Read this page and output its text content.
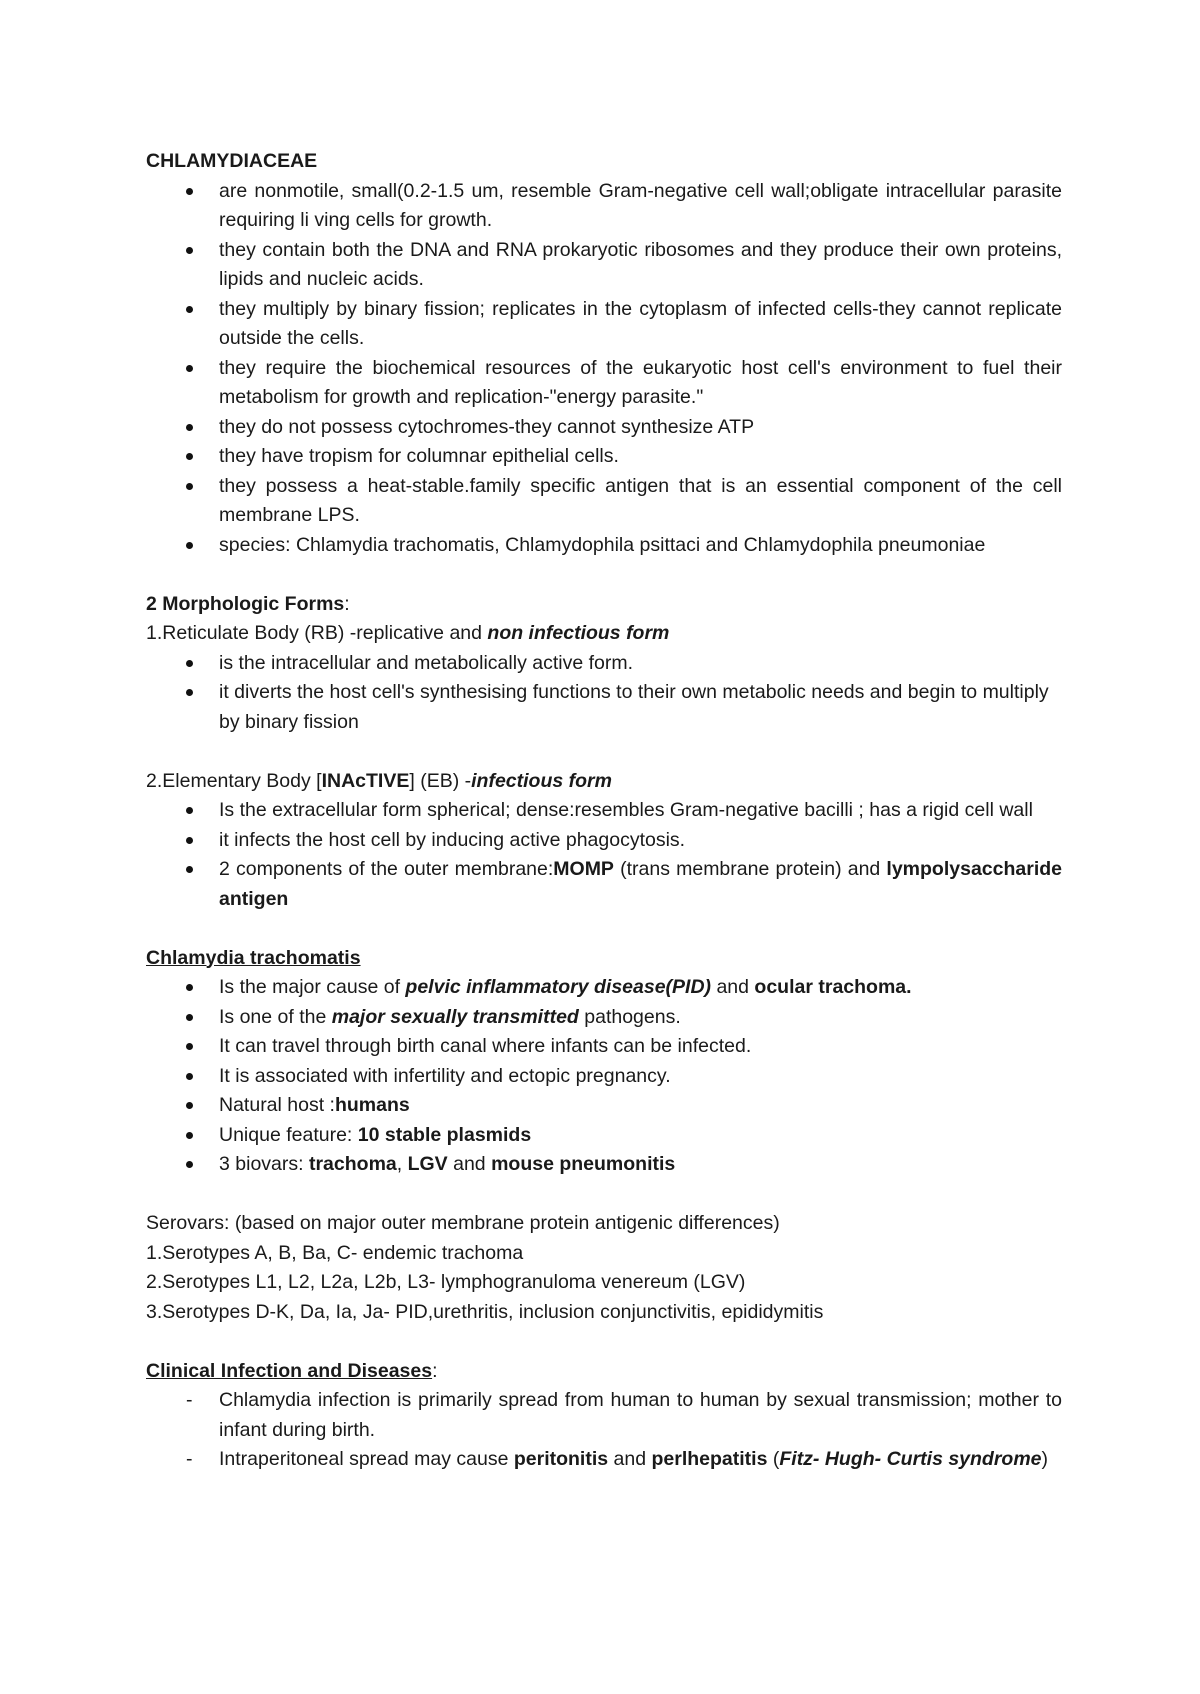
CHLAMYDIACEAE

are nonmotile, small(0.2-1.5 um, resemble Gram-negative cell wall;obligate intracellular parasite requiring li ving cells for growth.
they contain both the DNA and RNA prokaryotic ribosomes and they produce their own proteins, lipids and nucleic acids.
they multiply by binary fission; replicates in the cytoplasm of infected cells-they cannot replicate outside the cells.
they require the biochemical resources of the eukaryotic host cell's environment to fuel their metabolism for growth and replication-"energy parasite."
they do not possess cytochromes-they cannot synthesize ATP
they have tropism for columnar epithelial cells.
they possess a heat-stable.family specific antigen that is an essential component of the cell membrane LPS.
species: Chlamydia trachomatis, Chlamydophila psittaci and Chlamydophila pneumoniae

2 Morphologic Forms:

1.Reticulate Body (RB) -replicative and non infectious form

is the intracellular and metabolically active form.
it diverts the host cell's synthesising functions to their own metabolic needs and begin to multiply by binary fission

2.Elementary Body [INAcTIVE] (EB) -infectious form

Is the extracellular form spherical; dense:resembles Gram-negative bacilli ; has a rigid cell wall
it infects the host cell by inducing active phagocytosis.
2 components of the outer membrane:MOMP (trans membrane protein) and lympolysaccharide antigen

Chlamydia trachomatis

Is the major cause of pelvic inflammatory disease(PID) and ocular trachoma.
Is one of the major sexually transmitted pathogens.
It can travel through birth canal where infants can be infected.
It is associated with infertility and ectopic pregnancy.
Natural host :humans
Unique feature: 10 stable plasmids
3 biovars: trachoma, LGV and mouse pneumonitis

Serovars: (based on major outer membrane protein antigenic differences)

1.Serotypes A, B, Ba, C- endemic trachoma

2.Serotypes L1, L2, L2a, L2b, L3- lymphogranuloma venereum (LGV)

3.Serotypes D-K, Da, Ia, Ja- PID,urethritis, inclusion conjunctivitis, epididymitis

Clinical Infection and Diseases:

- Chlamydia infection is primarily spread from human to human by sexual transmission; mother to infant during birth.
- Intraperitoneal spread may cause peritonitis and perlhepatitis (Fitz- Hugh- Curtis syndrome)
